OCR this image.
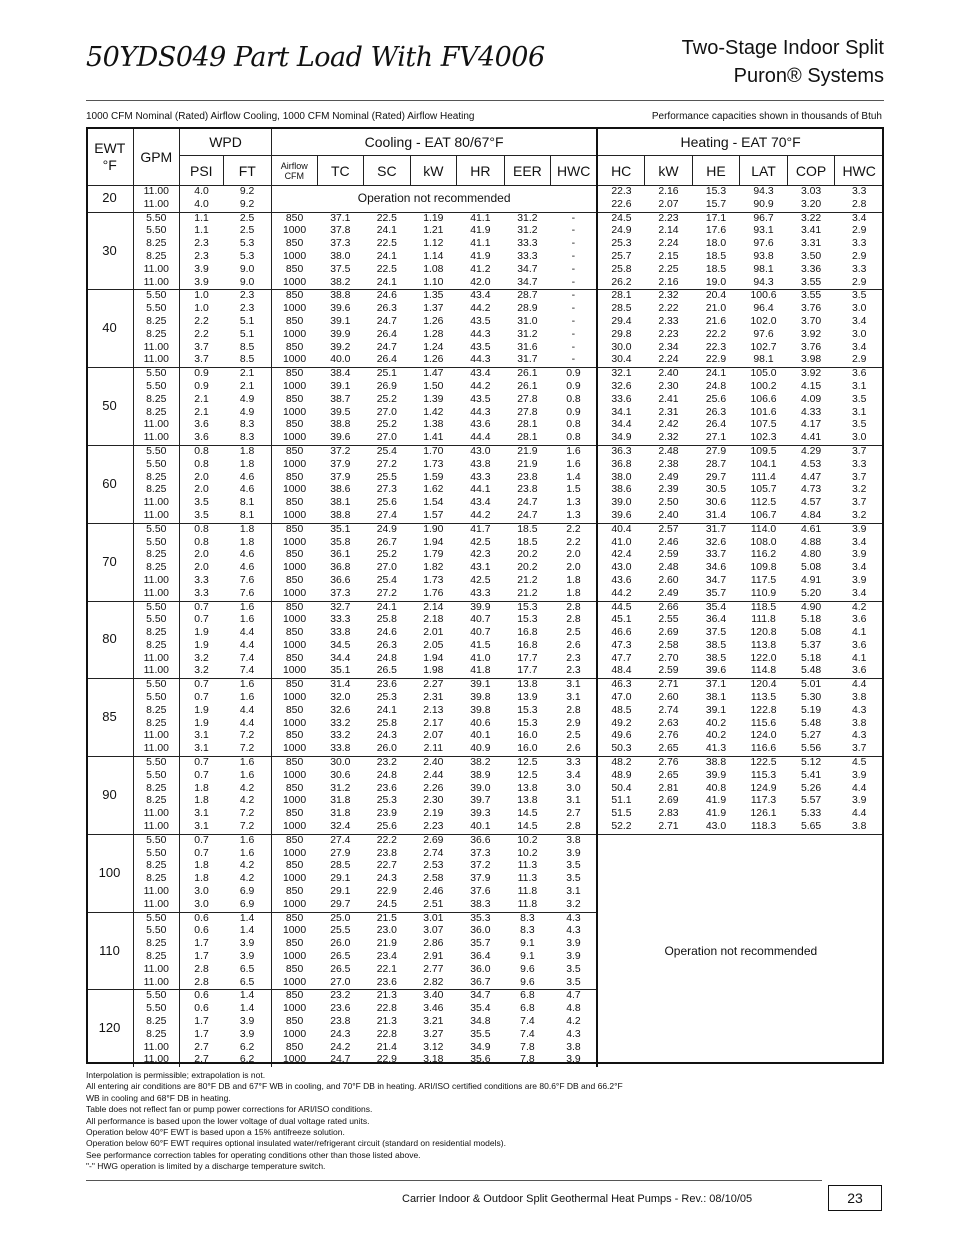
50YDS049 Part Load With FV4006	Two-Stage Indoor Split
Puron® Systems
1000 CFM Nominal (Rated) Airflow Cooling, 1000 CFM Nominal (Rated) Airflow Heating	Performance capacities shown in thousands of Btuh
EWT °F	GPM	WPD		Cooling - EAT 80/67°F							Heating - EAT 70°F					
		PSI	FT	Airflow CFM	TC	SC	kW	HR	EER	HWC	HC	kW	HE	LAT	COP	HWC
20	11.00	4.0	9.2	Operation not recommended							22.3	2.16	15.3	94.3	3.03	3.3
	11.00	4.0	9.2								22.6	2.07	15.7	90.9	3.20	2.8
30	5.50	1.1	2.5	850	37.1	22.5	1.19	41.1	31.2	-	24.5	2.23	17.1	96.7	3.22	3.4
	5.50	1.1	2.5	1000	37.8	24.1	1.21	41.9	31.2	-	24.9	2.14	17.6	93.1	3.41	2.9
	8.25	2.3	5.3	850	37.3	22.5	1.12	41.1	33.3	-	25.3	2.24	18.0	97.6	3.31	3.3
	8.25	2.3	5.3	1000	38.0	24.1	1.14	41.9	33.3	-	25.7	2.15	18.5	93.8	3.50	2.9
	11.00	3.9	9.0	850	37.5	22.5	1.08	41.2	34.7	-	25.8	2.25	18.5	98.1	3.36	3.3
	11.00	3.9	9.0	1000	38.2	24.1	1.10	42.0	34.7	-	26.2	2.16	19.0	94.3	3.55	2.9
40	5.50	1.0	2.3	850	38.8	24.6	1.35	43.4	28.7	-	28.1	2.32	20.4	100.6	3.55	3.5
	5.50	1.0	2.3	1000	39.6	26.3	1.37	44.2	28.9	-	28.5	2.22	21.0	96.4	3.76	3.0
	8.25	2.2	5.1	850	39.1	24.7	1.26	43.5	31.0	-	29.4	2.33	21.6	102.0	3.70	3.4
	8.25	2.2	5.1	1000	39.9	26.4	1.28	44.3	31.2	-	29.8	2.23	22.2	97.6	3.92	3.0
	11.00	3.7	8.5	850	39.2	24.7	1.24	43.5	31.6	-	30.0	2.34	22.3	102.7	3.76	3.4
	11.00	3.7	8.5	1000	40.0	26.4	1.26	44.3	31.7	-	30.4	2.24	22.9	98.1	3.98	2.9
50	5.50	0.9	2.1	850	38.4	25.1	1.47	43.4	26.1	0.9	32.1	2.40	24.1	105.0	3.92	3.6
	5.50	0.9	2.1	1000	39.1	26.9	1.50	44.2	26.1	0.9	32.6	2.30	24.8	100.2	4.15	3.1
	8.25	2.1	4.9	850	38.7	25.2	1.39	43.5	27.8	0.8	33.6	2.41	25.6	106.6	4.09	3.5
	8.25	2.1	4.9	1000	39.5	27.0	1.42	44.3	27.8	0.9	34.1	2.31	26.3	101.6	4.33	3.1
	11.00	3.6	8.3	850	38.8	25.2	1.38	43.6	28.1	0.8	34.4	2.42	26.4	107.5	4.17	3.5
	11.00	3.6	8.3	1000	39.6	27.0	1.41	44.4	28.1	0.8	34.9	2.32	27.1	102.3	4.41	3.0
60	5.50	0.8	1.8	850	37.2	25.4	1.70	43.0	21.9	1.6	36.3	2.48	27.9	109.5	4.29	3.7
	5.50	0.8	1.8	1000	37.9	27.2	1.73	43.8	21.9	1.6	36.8	2.38	28.7	104.1	4.53	3.3
	8.25	2.0	4.6	850	37.9	25.5	1.59	43.3	23.8	1.4	38.0	2.49	29.7	111.4	4.47	3.7
	8.25	2.0	4.6	1000	38.6	27.3	1.62	44.1	23.8	1.5	38.6	2.39	30.5	105.7	4.73	3.2
	11.00	3.5	8.1	850	38.1	25.6	1.54	43.4	24.7	1.3	39.0	2.50	30.6	112.5	4.57	3.7
	11.00	3.5	8.1	1000	38.8	27.4	1.57	44.2	24.7	1.3	39.6	2.40	31.4	106.7	4.84	3.2
70	5.50	0.8	1.8	850	35.1	24.9	1.90	41.7	18.5	2.2	40.4	2.57	31.7	114.0	4.61	3.9
	5.50	0.8	1.8	1000	35.8	26.7	1.94	42.5	18.5	2.2	41.0	2.46	32.6	108.0	4.88	3.4
	8.25	2.0	4.6	850	36.1	25.2	1.79	42.3	20.2	2.0	42.4	2.59	33.7	116.2	4.80	3.9
	8.25	2.0	4.6	1000	36.8	27.0	1.82	43.1	20.2	2.0	43.0	2.48	34.6	109.8	5.08	3.4
	11.00	3.3	7.6	850	36.6	25.4	1.73	42.5	21.2	1.8	43.6	2.60	34.7	117.5	4.91	3.9
	11.00	3.3	7.6	1000	37.3	27.2	1.76	43.3	21.2	1.8	44.2	2.49	35.7	110.9	5.20	3.4
80	5.50	0.7	1.6	850	32.7	24.1	2.14	39.9	15.3	2.8	44.5	2.66	35.4	118.5	4.90	4.2
	5.50	0.7	1.6	1000	33.3	25.8	2.18	40.7	15.3	2.8	45.1	2.55	36.4	111.8	5.18	3.6
	8.25	1.9	4.4	850	33.8	24.6	2.01	40.7	16.8	2.5	46.6	2.69	37.5	120.8	5.08	4.1
	8.25	1.9	4.4	1000	34.5	26.3	2.05	41.5	16.8	2.6	47.3	2.58	38.5	113.8	5.37	3.6
	11.00	3.2	7.4	850	34.4	24.8	1.94	41.0	17.7	2.3	47.7	2.70	38.5	122.0	5.18	4.1
	11.00	3.2	7.4	1000	35.1	26.5	1.98	41.8	17.7	2.3	48.4	2.59	39.6	114.8	5.48	3.6
85	5.50	0.7	1.6	850	31.4	23.6	2.27	39.1	13.8	3.1	46.3	2.71	37.1	120.4	5.01	4.4
	5.50	0.7	1.6	1000	32.0	25.3	2.31	39.8	13.9	3.1	47.0	2.60	38.1	113.5	5.30	3.8
	8.25	1.9	4.4	850	32.6	24.1	2.13	39.8	15.3	2.8	48.5	2.74	39.1	122.8	5.19	4.3
	8.25	1.9	4.4	1000	33.2	25.8	2.17	40.6	15.3	2.9	49.2	2.63	40.2	115.6	5.48	3.8
	11.00	3.1	7.2	850	33.2	24.3	2.07	40.1	16.0	2.5	49.6	2.76	40.2	124.0	5.27	4.3
	11.00	3.1	7.2	1000	33.8	26.0	2.11	40.9	16.0	2.6	50.3	2.65	41.3	116.6	5.56	3.7
90	5.50	0.7	1.6	850	30.0	23.2	2.40	38.2	12.5	3.3	48.2	2.76	38.8	122.5	5.12	4.5
	5.50	0.7	1.6	1000	30.6	24.8	2.44	38.9	12.5	3.4	48.9	2.65	39.9	115.3	5.41	3.9
	8.25	1.8	4.2	850	31.2	23.6	2.26	39.0	13.8	3.0	50.4	2.81	40.8	124.9	5.26	4.4
	8.25	1.8	4.2	1000	31.8	25.3	2.30	39.7	13.8	3.1	51.1	2.69	41.9	117.3	5.57	3.9
	11.00	3.1	7.2	850	31.8	23.9	2.19	39.3	14.5	2.7	51.5	2.83	41.9	126.1	5.33	4.4
	11.00	3.1	7.2	1000	32.4	25.6	2.23	40.1	14.5	2.8	52.2	2.71	43.0	118.3	5.65	3.8
100	5.50	0.7	1.6	850	27.4	22.2	2.69	36.6	10.2	3.8	Operation not recommended					
	5.50	0.7	1.6	1000	27.9	23.8	2.74	37.3	10.2	3.9						
	8.25	1.8	4.2	850	28.5	22.7	2.53	37.2	11.3	3.5						
	8.25	1.8	4.2	1000	29.1	24.3	2.58	37.9	11.3	3.5						
	11.00	3.0	6.9	850	29.1	22.9	2.46	37.6	11.8	3.1						
	11.00	3.0	6.9	1000	29.7	24.5	2.51	38.3	11.8	3.2						
110	5.50	0.6	1.4	850	25.0	21.5	3.01	35.3	8.3	4.3						
	5.50	0.6	1.4	1000	25.5	23.0	3.07	36.0	8.3	4.3						
	8.25	1.7	3.9	850	26.0	21.9	2.86	35.7	9.1	3.9						
	8.25	1.7	3.9	1000	26.5	23.4	2.91	36.4	9.1	3.9						
	11.00	2.8	6.5	850	26.5	22.1	2.77	36.0	9.6	3.5						
	11.00	2.8	6.5	1000	27.0	23.6	2.82	36.7	9.6	3.5						
120	5.50	0.6	1.4	850	23.2	21.3	3.40	34.7	6.8	4.7						
	5.50	0.6	1.4	1000	23.6	22.8	3.46	35.4	6.8	4.8						
	8.25	1.7	3.9	850	23.8	21.3	3.21	34.8	7.4	4.2						
	8.25	1.7	3.9	1000	24.3	22.8	3.27	35.5	7.4	4.3						
	11.00	2.7	6.2	850	24.2	21.4	3.12	34.9	7.8	3.8						
	11.00	2.7	6.2	1000	24.7	22.9	3.18	35.6	7.8	3.9						
Interpolation is permissible; extrapolation is not.
All entering air conditions are 80°F DB and 67°F WB in cooling, and 70°F DB in heating. ARI/ISO certified conditions are 80.6°F DB and 66.2°F
WB in cooling and 68°F DB in heating.
Table does not reflect fan or pump power corrections for ARI/ISO conditions.
All performance is based upon the lower voltage of dual voltage rated units.
Operation below 40°F EWT is based upon a 15% antifreeze solution.
Operation below 60°F EWT requires optional insulated water/refrigerant circuit (standard on residential models).
See performance correction tables for operating conditions other than those listed above.
"-" HWG operation is limited by a discharge temperature switch.
Carrier Indoor & Outdoor Split Geothermal Heat Pumps - Rev.: 08/10/05	23
